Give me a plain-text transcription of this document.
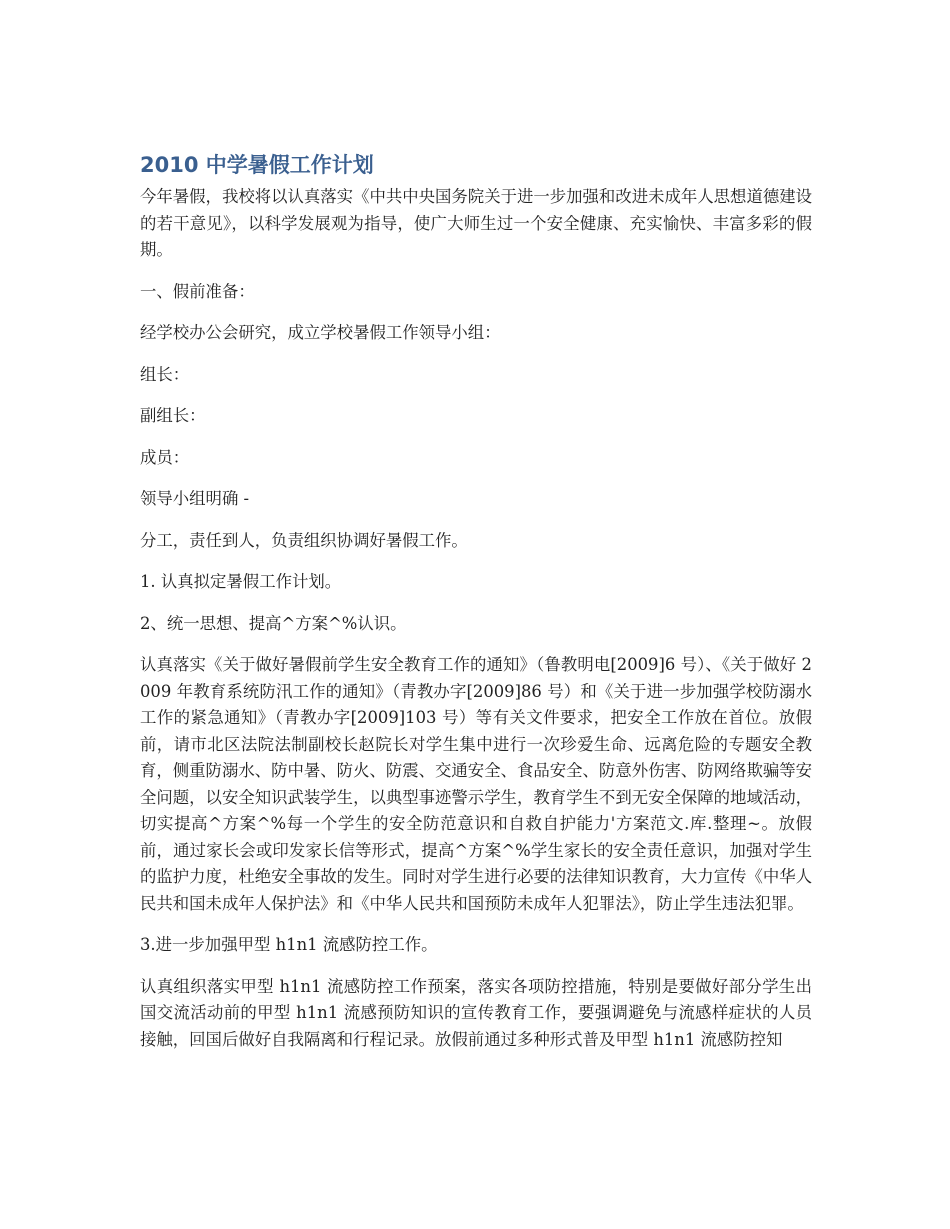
2010 中学暑假工作计划

今年暑假，我校将以认真落实《中共中央国务院关于进一步加强和改进未成年人思想道德建设的若干意见》，以科学发展观为指导，使广大师生过一个安全健康、充实愉快、丰富多彩的假期。

一、假前准备：

经学校办公会研究，成立学校暑假工作领导小组：

组长：

副组长：

成员：

领导小组明确 -

分工，责任到人，负责组织协调好暑假工作。

1. 认真拟定暑假工作计划。

2、统一思想、提高^方案^%认识。

认真落实《关于做好暑假前学生安全教育工作的通知》（鲁教明电[2009]6 号）、《关于做好 2009 年教育系统防汛工作的通知》（青教办字[2009]86 号）和《关于进一步加强学校防溺水工作的紧急通知》（青教办字[2009]103 号）等有关文件要求，把安全工作放在首位。放假前，请市北区法院法制副校长赵院长对学生集中进行一次珍爱生命、远离危险的专题安全教育，侧重防溺水、防中暑、防火、防震、交通安全、食品安全、防意外伤害、防网络欺骗等安全问题，以安全知识武装学生，以典型事迹警示学生，教育学生不到无安全保障的地域活动，切实提高^方案^%每一个学生的安全防范意识和自救自护能力'方案范文.库.整理~。放假前，通过家长会或印发家长信等形式，提高^方案^%学生家长的安全责任意识，加强对学生的监护力度，杜绝安全事故的发生。同时对学生进行必要的法律知识教育，大力宣传《中华人民共和国未成年人保护法》和《中华人民共和国预防未成年人犯罪法》，防止学生违法犯罪。

3.进一步加强甲型 h1n1 流感防控工作。

认真组织落实甲型 h1n1 流感防控工作预案，落实各项防控措施，特别是要做好部分学生出国交流活动前的甲型 h1n1 流感预防知识的宣传教育工作，要强调避免与流感样症状的人员接触，回国后做好自我隔离和行程记录。放假前通过多种形式普及甲型 h1n1 流感防控知
